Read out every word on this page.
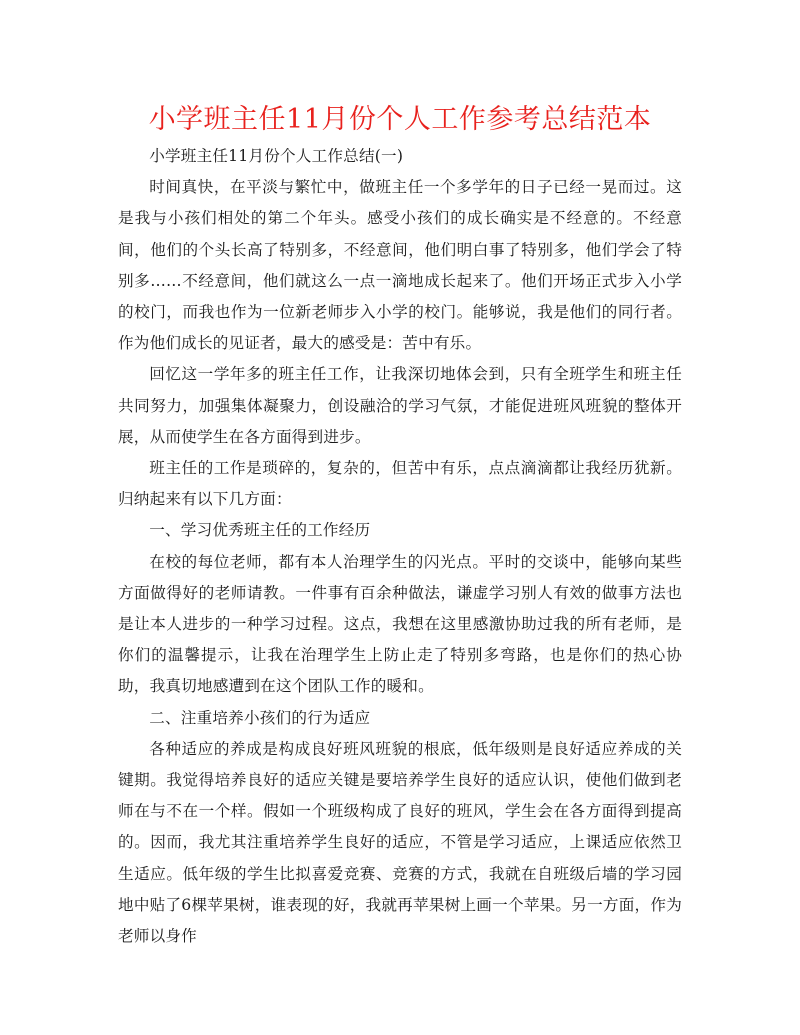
小学班主任11月份个人工作参考总结范本

小学班主任11月份个人工作总结(一)

时间真快，在平淡与繁忙中，做班主任一个多学年的日子已经一晃而过。这是我与小孩们相处的第二个年头。感受小孩们的成长确实是不经意的。不经意间，他们的个头长高了特别多，不经意间，他们明白事了特别多，他们学会了特别多……不经意间，他们就这么一点一滴地成长起来了。他们开场正式步入小学的校门，而我也作为一位新老师步入小学的校门。能够说，我是他们的同行者。作为他们成长的见证者，最大的感受是：苦中有乐。

回忆这一学年多的班主任工作，让我深切地体会到，只有全班学生和班主任共同努力，加强集体凝聚力，创设融洽的学习气氛，才能促进班风班貌的整体开展，从而使学生在各方面得到进步。

班主任的工作是琐碎的，复杂的，但苦中有乐，点点滴滴都让我经历犹新。归纳起来有以下几方面：

一、学习优秀班主任的工作经历

在校的每位老师，都有本人治理学生的闪光点。平时的交谈中，能够向某些方面做得好的老师请教。一件事有百余种做法，谦虚学习别人有效的做事方法也是让本人进步的一种学习过程。这点，我想在这里感激协助过我的所有老师，是你们的温馨提示，让我在治理学生上防止走了特别多弯路，也是你们的热心协助，我真切地感遭到在这个团队工作的暖和。

二、注重培养小孩们的行为适应

各种适应的养成是构成良好班风班貌的根底，低年级则是良好适应养成的关键期。我觉得培养良好的适应关键是要培养学生良好的适应认识，使他们做到老师在与不在一个样。假如一个班级构成了良好的班风，学生会在各方面得到提高的。因而，我尤其注重培养学生良好的适应，不管是学习适应，上课适应依然卫生适应。低年级的学生比拟喜爱竞赛、竞赛的方式，我就在自班级后墙的学习园地中贴了6棵苹果树，谁表现的好，我就再苹果树上画一个苹果。另一方面，作为老师以身作
